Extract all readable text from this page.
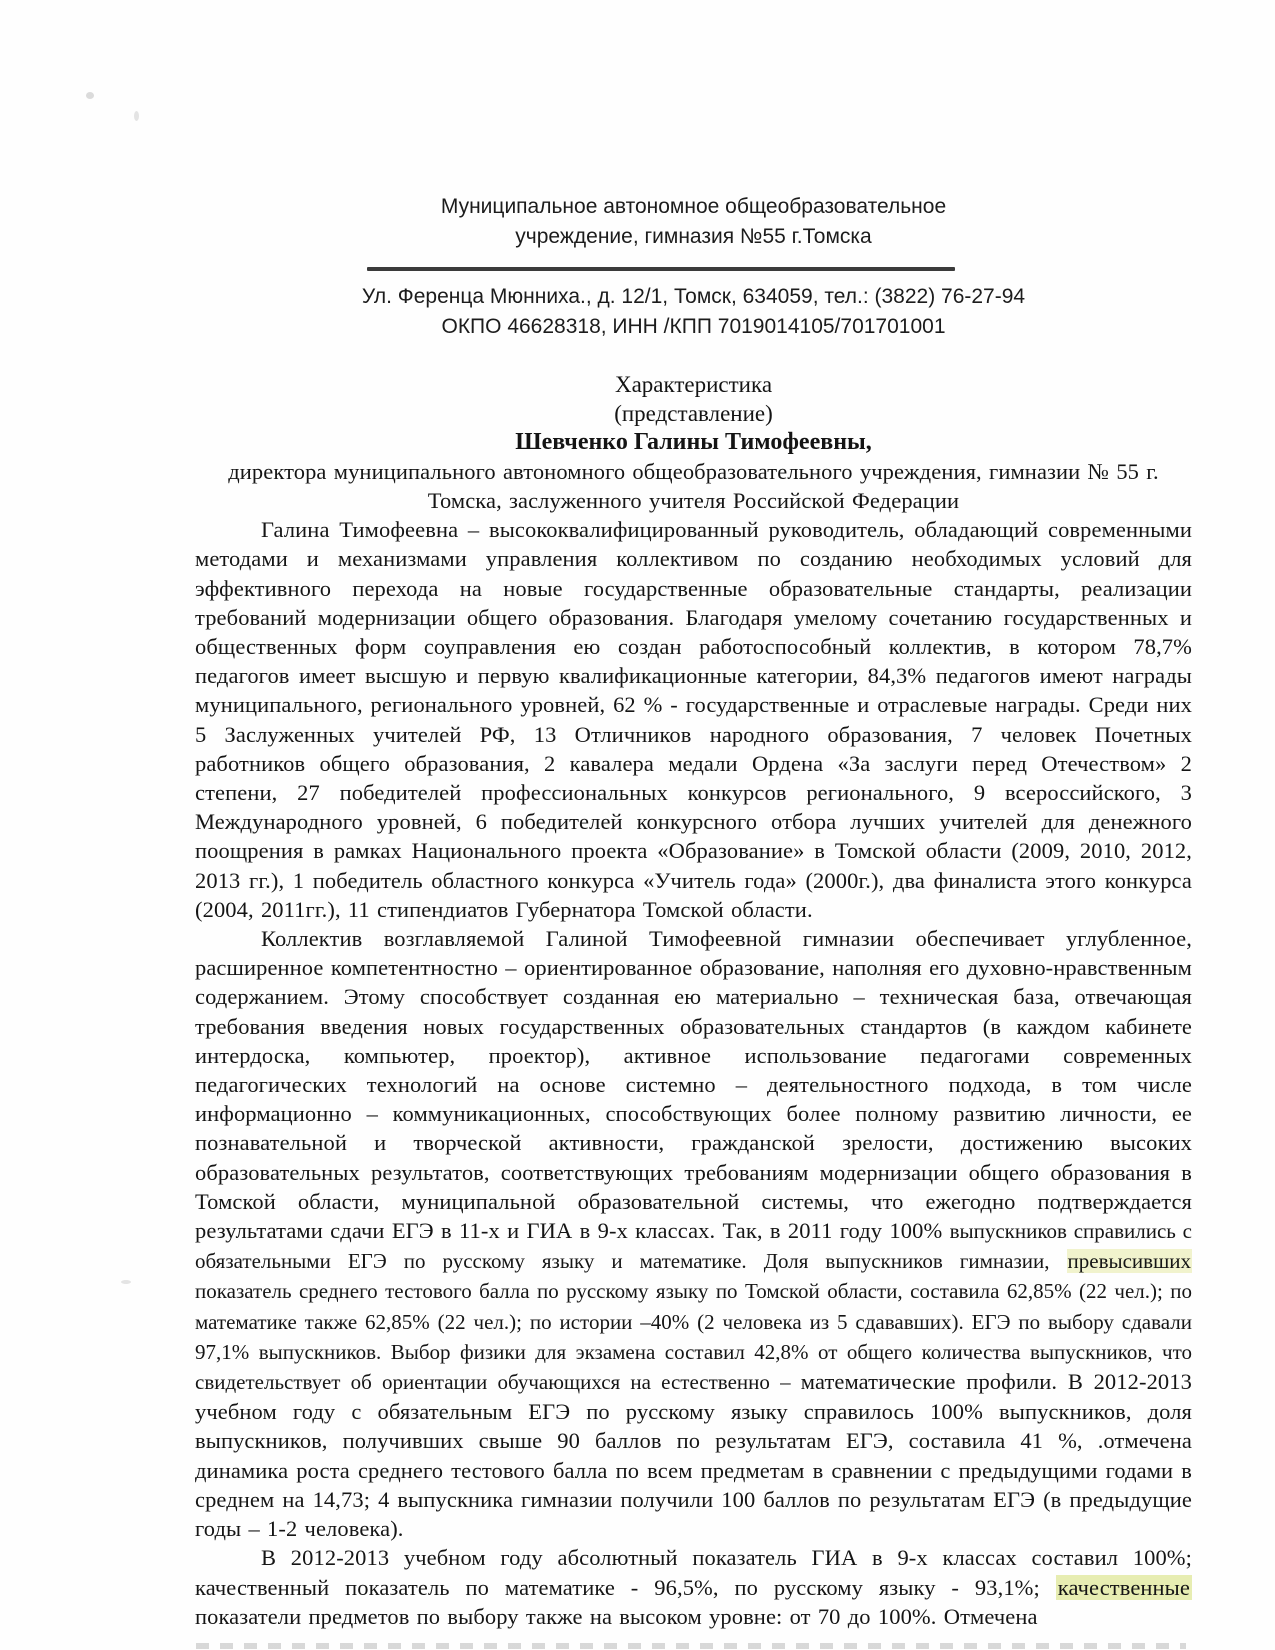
Муниципальное автономное общеобразовательное
учреждение, гимназия №55 г.Томска
Ул. Ференца Мюнниха., д. 12/1, Томск, 634059, тел.: (3822) 76-27-94
ОКПО 46628318, ИНН /КПП 7019014105/701701001
Характеристика
(представление)
Шевченко Галины Тимофеевны,

директора муниципального автономного общеобразовательного учреждения, гимназии № 55 г.

Томска, заслуженного учителя Российской Федерации

Галина Тимофеевна – высококвалифицированный руководитель, обладающий современными методами и механизмами управления коллективом по созданию необходимых условий для эффективного перехода на новые государственные образовательные стандарты, реализации требований модернизации общего образования. Благодаря умелому сочетанию государственных и общественных форм соуправления ею создан работоспособный коллектив, в котором 78,7% педагогов имеет высшую и первую квалификационные категории, 84,3% педагогов имеют награды муниципального, регионального уровней, 62 % - государственные и отраслевые награды. Среди них 5 Заслуженных учителей РФ, 13 Отличников народного образования, 7 человек Почетных работников общего образования, 2 кавалера медали Ордена «За заслуги перед Отечеством» 2 степени, 27 победителей профессиональных конкурсов регионального, 9 всероссийского, 3 Международного уровней, 6 победителей конкурсного отбора лучших учителей для денежного поощрения в рамках Национального проекта «Образование» в Томской области (2009, 2010, 2012, 2013 гг.), 1 победитель областного конкурса «Учитель года» (2000г.), два финалиста этого конкурса (2004, 2011гг.), 11 стипендиатов Губернатора Томской области.

Коллектив возглавляемой Галиной Тимофеевной гимназии обеспечивает углубленное, расширенное компетентностно – ориентированное образование, наполняя его духовно-нравственным содержанием. Этому способствует созданная ею материально – техническая база, отвечающая требования введения новых государственных образовательных стандартов (в каждом кабинете интердоска, компьютер, проектор), активное использование педагогами современных педагогических технологий на основе системно – деятельностного подхода, в том числе информационно – коммуникационных, способствующих более полному развитию личности, ее познавательной и творческой активности, гражданской зрелости, достижению высоких образовательных результатов, соответствующих требованиям модернизации общего образования в Томской области, муниципальной образовательной системы, что ежегодно подтверждается результатами сдачи ЕГЭ в 11-х и ГИА в 9-х классах. Так, в 2011 году 100% выпускников справились с обязательными ЕГЭ по русскому языку и математике. Доля выпускников гимназии, превысивших показатель среднего тестового балла по русскому языку по Томской области, составила 62,85% (22 чел.); по математике также 62,85% (22 чел.); по истории –40% (2 человека из 5 сдававших). ЕГЭ по выбору сдавали 97,1% выпускников. Выбор физики для экзамена составил 42,8% от общего количества выпускников, что свидетельствует об ориентации обучающихся на естественно – математические профили. В 2012-2013 учебном году с обязательным ЕГЭ по русскому языку справилось 100% выпускников, доля выпускников, получивших свыше 90 баллов по результатам ЕГЭ, составила 41 %, .отмечена динамика роста среднего тестового балла по всем предметам в сравнении с предыдущими годами в среднем на 14,73; 4 выпускника гимназии получили 100 баллов по результатам ЕГЭ (в предыдущие годы – 1-2 человека).

В 2012-2013 учебном году абсолютный показатель ГИА в 9-х классах составил 100%; качественный показатель по математике - 96,5%, по русскому языку - 93,1%; качественные показатели предметов по выбору также на высоком уровне: от 70 до 100%. Отмечена
